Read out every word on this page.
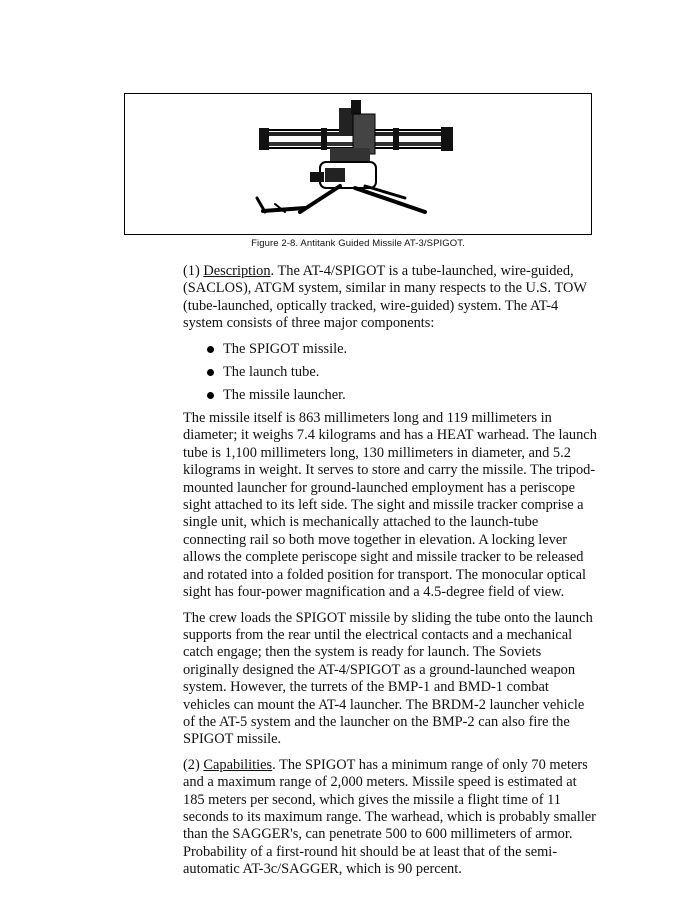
Figure 2-8. Antitank Guided Missile AT-3/SPIGOT.

(1) Description. The AT-4/SPIGOT is a tube-launched, wire-guided, (SACLOS), ATGM system, similar in many respects to the U.S. TOW (tube-launched, optically tracked, wire-guided) system. The AT-4 system consists of three major components:

The SPIGOT missile.
The launch tube.
The missile launcher.

The missile itself is 863 millimeters long and 119 millimeters in diameter; it weighs 7.4 kilograms and has a HEAT warhead. The launch tube is 1,100 millimeters long, 130 millimeters in diameter, and 5.2 kilograms in weight. It serves to store and carry the missile. The tripod-mounted launcher for ground-launched employment has a periscope sight attached to its left side. The sight and missile tracker comprise a single unit, which is mechanically attached to the launch-tube connecting rail so both move together in elevation. A locking lever allows the complete periscope sight and missile tracker to be released and rotated into a folded position for transport. The monocular optical sight has four-power magnification and a 4.5-degree field of view.

The crew loads the SPIGOT missile by sliding the tube onto the launch supports from the rear until the electrical contacts and a mechanical catch engage; then the system is ready for launch. The Soviets originally designed the AT-4/SPIGOT as a ground-launched weapon system. However, the turrets of the BMP-1 and BMD-1 combat vehicles can mount the AT-4 launcher. The BRDM-2 launcher vehicle of the AT-5 system and the launcher on the BMP-2 can also fire the SPIGOT missile.

(2) Capabilities. The SPIGOT has a minimum range of only 70 meters and a maximum range of 2,000 meters. Missile speed is estimated at 185 meters per second, which gives the missile a flight time of 11 seconds to its maximum range. The warhead, which is probably smaller than the SAGGER's, can penetrate 500 to 600 millimeters of armor. Probability of a first-round hit should be at least that of the semi-automatic AT-3c/SAGGER, which is 90 percent.
